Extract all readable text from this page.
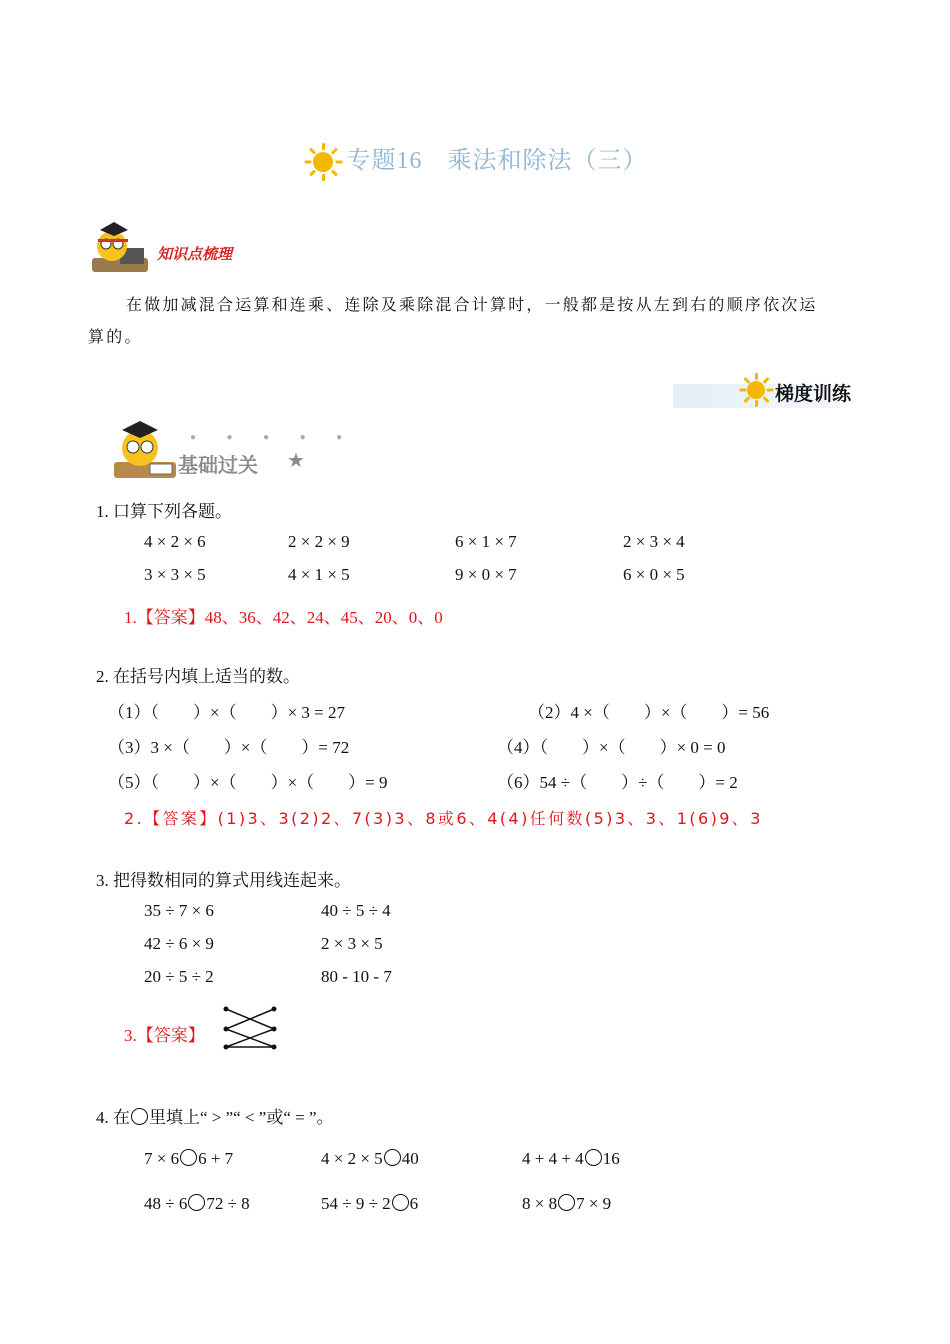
专题16　 乘法和除法（三）
知识点梳理
在做加减混合运算和连乘、连除及乘除混合计算时，一般都是按从左到右的顺序依次运
算的。
梯度训练
基础过关 ★
● ● ● ● ●
1. 口算下列各题。
4 × 2 × 6	2 × 2 × 9	6 × 1 × 7	2 × 3 × 4
3 × 3 × 5	4 × 1 × 5	9 × 0 × 7	6 × 0 × 5
1.【答案】48、36、42、24、45、20、0、0
2. 在括号内填上适当的数。
（1）（　　）×（　　）× 3 = 27	（2）4 ×（　　）×（　　）= 56
（3）3 ×（　　）×（　　）= 72	（4）（　　）×（　　）× 0 = 0
（5）（　　）×（　　）×（　　）= 9	（6）54 ÷（　　）÷（　　）= 2
2.【答案】(1)3、3(2)2、7(3)3、8或6、4(4)任何数(5)3、3、1(6)9、3
3. 把得数相同的算式用线连起来。
35 ÷ 7 × 6	40 ÷ 5 ÷ 4
42 ÷ 6 × 9	2 × 3 × 5
20 ÷ 5 ÷ 2	80 - 10 - 7
3.【答案】
4. 在 里填上“ > ”“ < ”或“ = ”。
7 × 6 6 + 7	4 × 2 × 5 40	4 + 4 + 4 16
48 ÷ 6 72 ÷ 8	54 ÷ 9 ÷ 2 6	8 × 8 7 × 9
